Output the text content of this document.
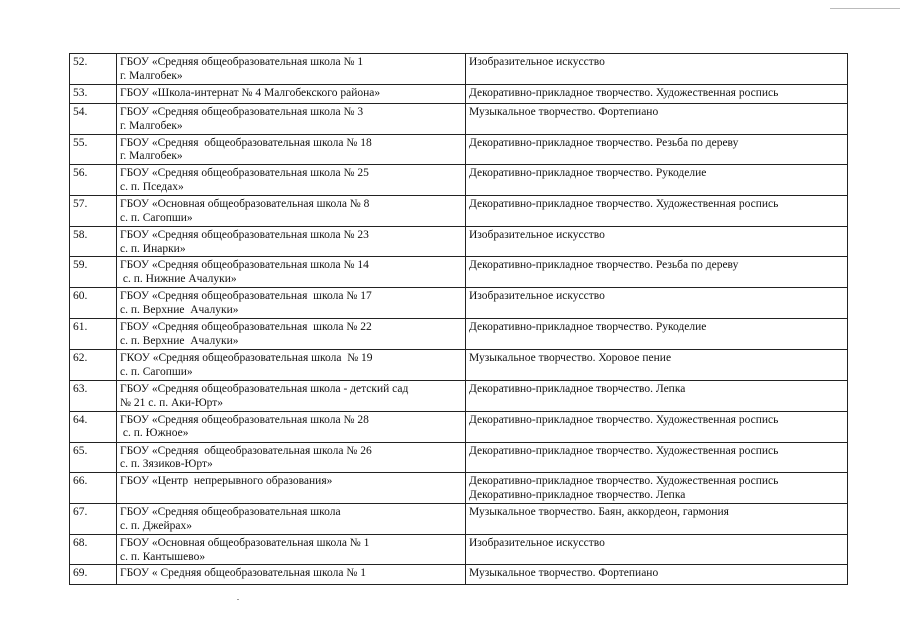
52.	ГБОУ «Средняя общеобразовательная школа № 1
г. Малгобек»	Изобразительное искусство

53.	ГБОУ «Школа-интернат № 4 Малгобекского района»	Декоративно-прикладное творчество. Художественная роспись

54.	ГБОУ «Средняя общеобразовательная школа № 3
г. Малгобек»	Музыкальное творчество. Фортепиано

55.	ГБОУ «Средняя  общеобразовательная школа № 18
г. Малгобек»	Декоративно-прикладное творчество. Резьба по дереву

56.	ГБОУ «Средняя общеобразовательная школа № 25
с. п. Пседах»	Декоративно-прикладное творчество. Рукоделие

57.	ГБОУ «Основная общеобразовательная школа № 8
с. п. Сагопши»	Декоративно-прикладное творчество. Художественная роспись

58.	ГБОУ «Средняя общеобразовательная школа № 23
с. п. Инарки»	Изобразительное искусство

59.	ГБОУ «Средняя общеобразовательная школа № 14
с. п. Нижние Ачалуки»	Декоративно-прикладное творчество. Резьба по дереву

60.	ГБОУ «Средняя общеобразовательная  школа № 17
с. п. Верхние  Ачалуки»	Изобразительное искусство

61.	ГБОУ «Средняя общеобразовательная  школа № 22
с. п. Верхние  Ачалуки»	Декоративно-прикладное творчество. Рукоделие

62.	ГКОУ «Средняя общеобразовательная школа  № 19
с. п. Сагопши»	Музыкальное творчество. Хоровое пение

63.	ГБОУ «Средняя общеобразовательная школа - детский сад
№ 21 с. п. Аки-Юрт»	Декоративно-прикладное творчество. Лепка

64.	ГБОУ «Средняя общеобразовательная школа № 28
с. п. Южное»	Декоративно-прикладное творчество. Художественная роспись

65.	ГБОУ «Средняя  общеобразовательная школа № 26
с. п. Зязиков-Юрт»	Декоративно-прикладное творчество. Художественная роспись

66.	ГБОУ «Центр  непрерывного образования»	Декоративно-прикладное творчество. Художественная роспись
Декоративно-прикладное творчество. Лепка

67.	ГБОУ «Средняя общеобразовательная школа
с. п. Джейрах»	Музыкальное творчество. Баян, аккордеон, гармония

68.	ГБОУ «Основная общеобразовательная школа № 1
с. п. Кантышево»	Изобразительное искусство

69.	ГБОУ « Средняя общеобразовательная школа № 1	Музыкальное творчество. Фортепиано
